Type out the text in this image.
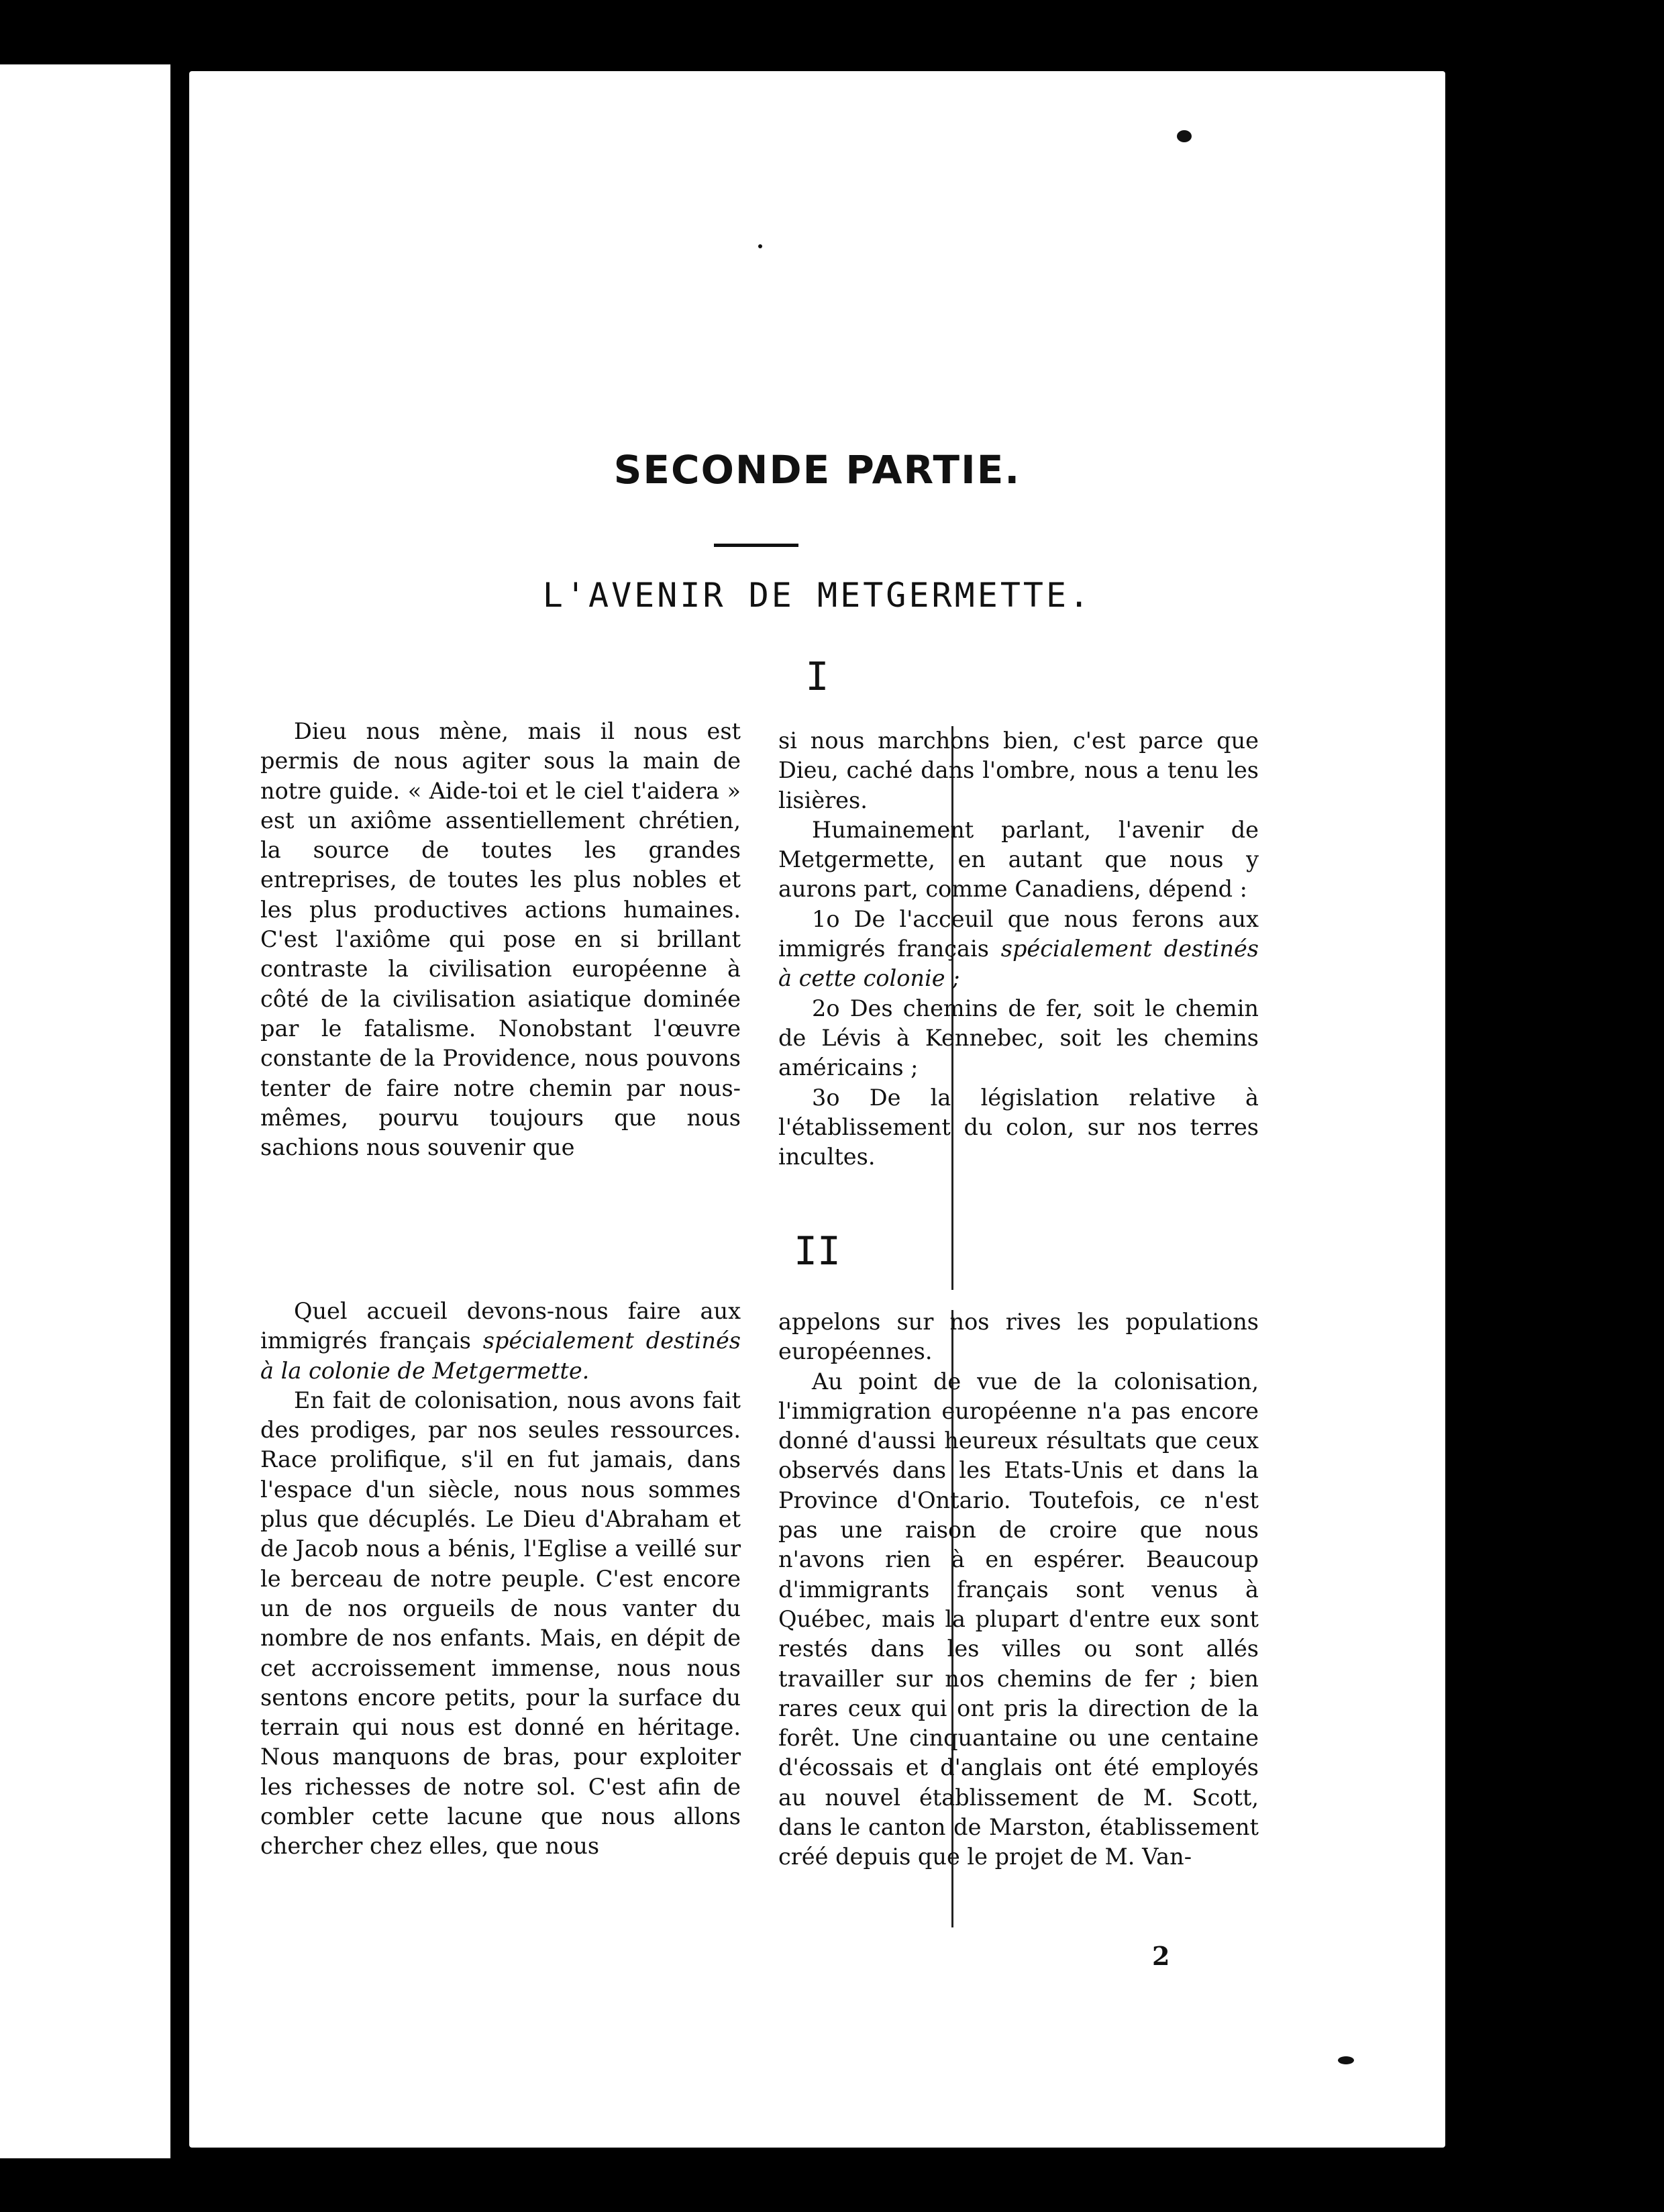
SECONDE PARTIE.
L'AVENIR DE METGERMETTE.
I

Dieu nous mène, mais il nous est permis de nous agiter sous la main de notre guide. « Aide-toi et le ciel t'aidera » est un axiôme assentiellement chrétien, la source de toutes les grandes entreprises, de toutes les plus nobles et les plus productives actions humaines. C'est l'axiôme qui pose en si brillant contraste la civilisation européenne à côté de la civilisation asiatique dominée par le fatalisme. Nonobstant l'œuvre constante de la Providence, nous pouvons tenter de faire notre chemin par nous-mêmes, pourvu toujours que nous sachions nous souvenir que

si nous marchons bien, c'est parce que Dieu, caché dans l'ombre, nous a tenu les lisières.

Humainement parlant, l'avenir de Metgermette, en autant que nous y aurons part, comme Canadiens, dépend :

1o De l'acceuil que nous ferons aux immigrés français spécialement destinés à cette colonie ;

2o Des chemins de fer, soit le chemin de Lévis à Kennebec, soit les chemins américains ;

3o De la législation relative à l'établissement du colon, sur nos terres incultes.

II

Quel accueil devons-nous faire aux immigrés français spécialement destinés à la colonie de Metgermette.

En fait de colonisation, nous avons fait des prodiges, par nos seules ressources. Race prolifique, s'il en fut jamais, dans l'espace d'un siècle, nous nous sommes plus que décuplés. Le Dieu d'Abraham et de Jacob nous a bénis, l'Eglise a veillé sur le berceau de notre peuple. C'est encore un de nos orgueils de nous vanter du nombre de nos enfants. Mais, en dépit de cet accroissement immense, nous nous sentons encore petits, pour la surface du terrain qui nous est donné en héritage. Nous manquons de bras, pour exploiter les richesses de notre sol. C'est afin de combler cette lacune que nous allons chercher chez elles, que nous

appelons sur nos rives les populations européennes.

Au point de vue de la colonisation, l'immigration européenne n'a pas encore donné d'aussi heureux résultats que ceux observés dans les Etats-Unis et dans la Province d'Ontario. Toutefois, ce n'est pas une raison de croire que nous n'avons rien à en espérer. Beaucoup d'immigrants français sont venus à Québec, mais la plupart d'entre eux sont restés dans les villes ou sont allés travailler sur nos chemins de fer ; bien rares ceux qui ont pris la direction de la forêt. Une cinquantaine ou une centaine d'écossais et d'anglais ont été employés au nouvel établissement de M. Scott, dans le canton de Marston, établissement créé depuis que le projet de M. Van-

2
